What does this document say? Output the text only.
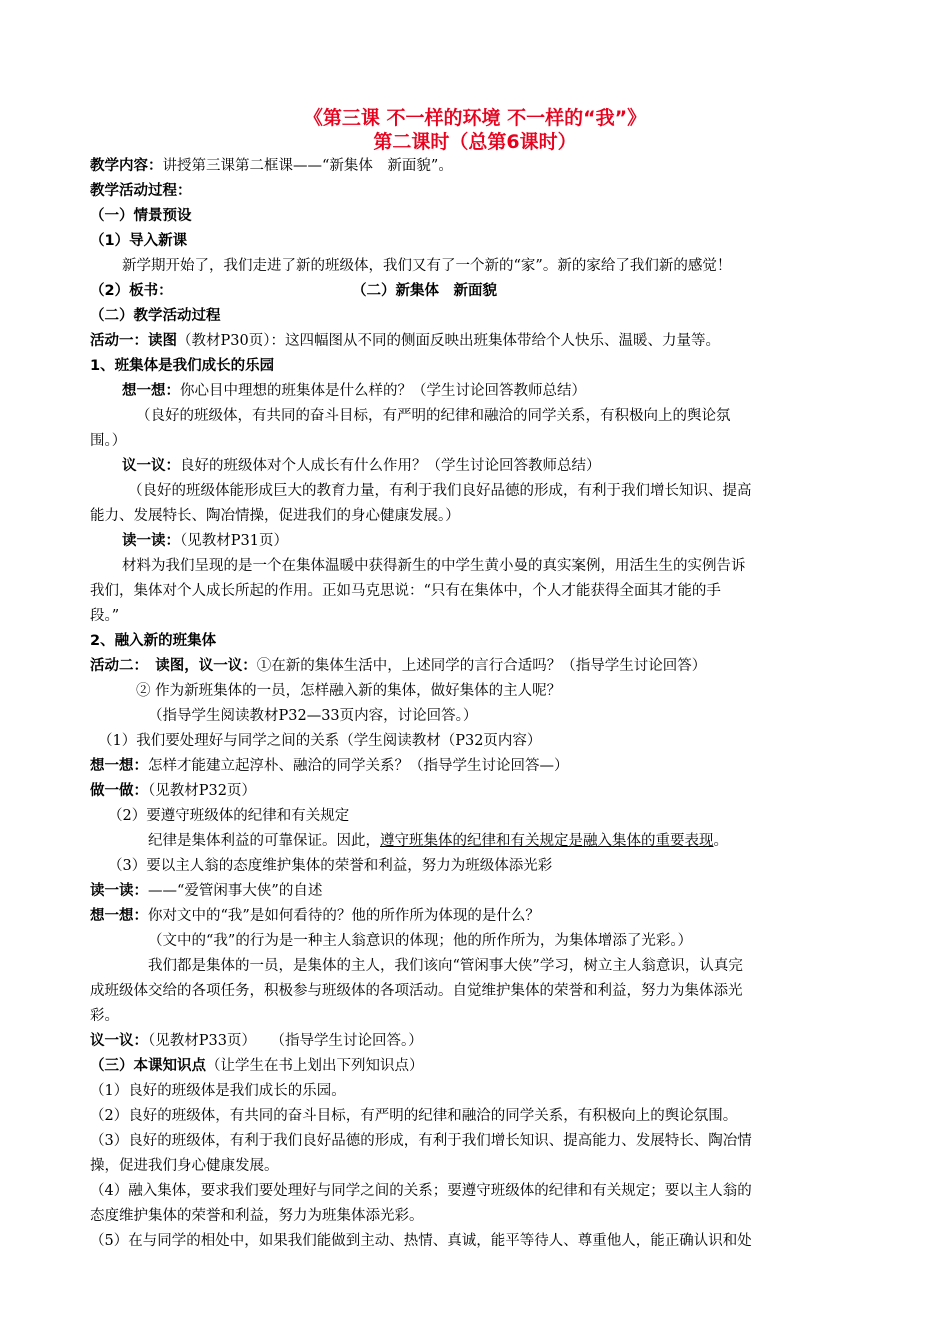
《第三课 不一样的环境 不一样的“我”》
第二课时（总第6课时）
教学内容：讲授第三课第二框课——“新集体　新面貌”。
教学活动过程：
（一）情景预设
（1）导入新课
新学期开始了，我们走进了新的班级体，我们又有了一个新的“家”。新的家给了我们新的感觉！
（2）板书：	（二）新集体　新面貌
（二）教学活动过程
活动一：读图（教材P30页）：这四幅图从不同的侧面反映出班集体带给个人快乐、温暖、力量等。
1、班集体是我们成长的乐园
想一想：你心目中理想的班集体是什么样的？（学生讨论回答教师总结）
（良好的班级体，有共同的奋斗目标，有严明的纪律和融洽的同学关系，有积极向上的舆论氛
围。）
议一议：良好的班级体对个人成长有什么作用？（学生讨论回答教师总结）
（良好的班级体能形成巨大的教育力量，有利于我们良好品德的形成，有利于我们增长知识、提高
能力、发展特长、陶冶情操，促进我们的身心健康发展。）
读一读：（见教材P31页）
材料为我们呈现的是一个在集体温暖中获得新生的中学生黄小曼的真实案例，用活生生的实例告诉
我们，集体对个人成长所起的作用。正如马克思说：“只有在集体中，个人才能获得全面其才能的手
段。”
2、融入新的班集体
活动二：　读图，议一议：①在新的集体生活中，上述同学的言行合适吗？（指导学生讨论回答）
② 作为新班集体的一员，怎样融入新的集体，做好集体的主人呢？
（指导学生阅读教材P32—33页内容，讨论回答。）
（1）我们要处理好与同学之间的关系（学生阅读教材（P32页内容）
想一想：怎样才能建立起淳朴、融洽的同学关系？（指导学生讨论回答—）
做一做：（见教材P32页）
（2）要遵守班级体的纪律和有关规定
纪律是集体利益的可靠保证。因此，遵守班集体的纪律和有关规定是融入集体的重要表现。
（3）要以主人翁的态度维护集体的荣誉和利益，努力为班级体添光彩
读一读：——“爱管闲事大侠”的自述
想一想：你对文中的“我”是如何看待的？他的所作所为体现的是什么？
（文中的“我”的行为是一种主人翁意识的体现；他的所作所为，为集体增添了光彩。）
我们都是集体的一员，是集体的主人，我们该向“管闲事大侠”学习，树立主人翁意识，认真完
成班级体交给的各项任务，积极参与班级体的各项活动。自觉维护集体的荣誉和利益，努力为集体添光
彩。
议一议：（见教材P33页）　　（指导学生讨论回答。）
（三）本课知识点（让学生在书上划出下列知识点）
（1）良好的班级体是我们成长的乐园。
（2）良好的班级体，有共同的奋斗目标，有严明的纪律和融洽的同学关系，有积极向上的舆论氛围。
（3）良好的班级体，有利于我们良好品德的形成，有利于我们增长知识、提高能力、发展特长、陶冶情
操，促进我们身心健康发展。
（4）融入集体，要求我们要处理好与同学之间的关系；要遵守班级体的纪律和有关规定；要以主人翁的
态度维护集体的荣誉和利益，努力为班集体添光彩。
（5）在与同学的相处中，如果我们能做到主动、热情、真诚，能平等待人、尊重他人，能正确认识和处
